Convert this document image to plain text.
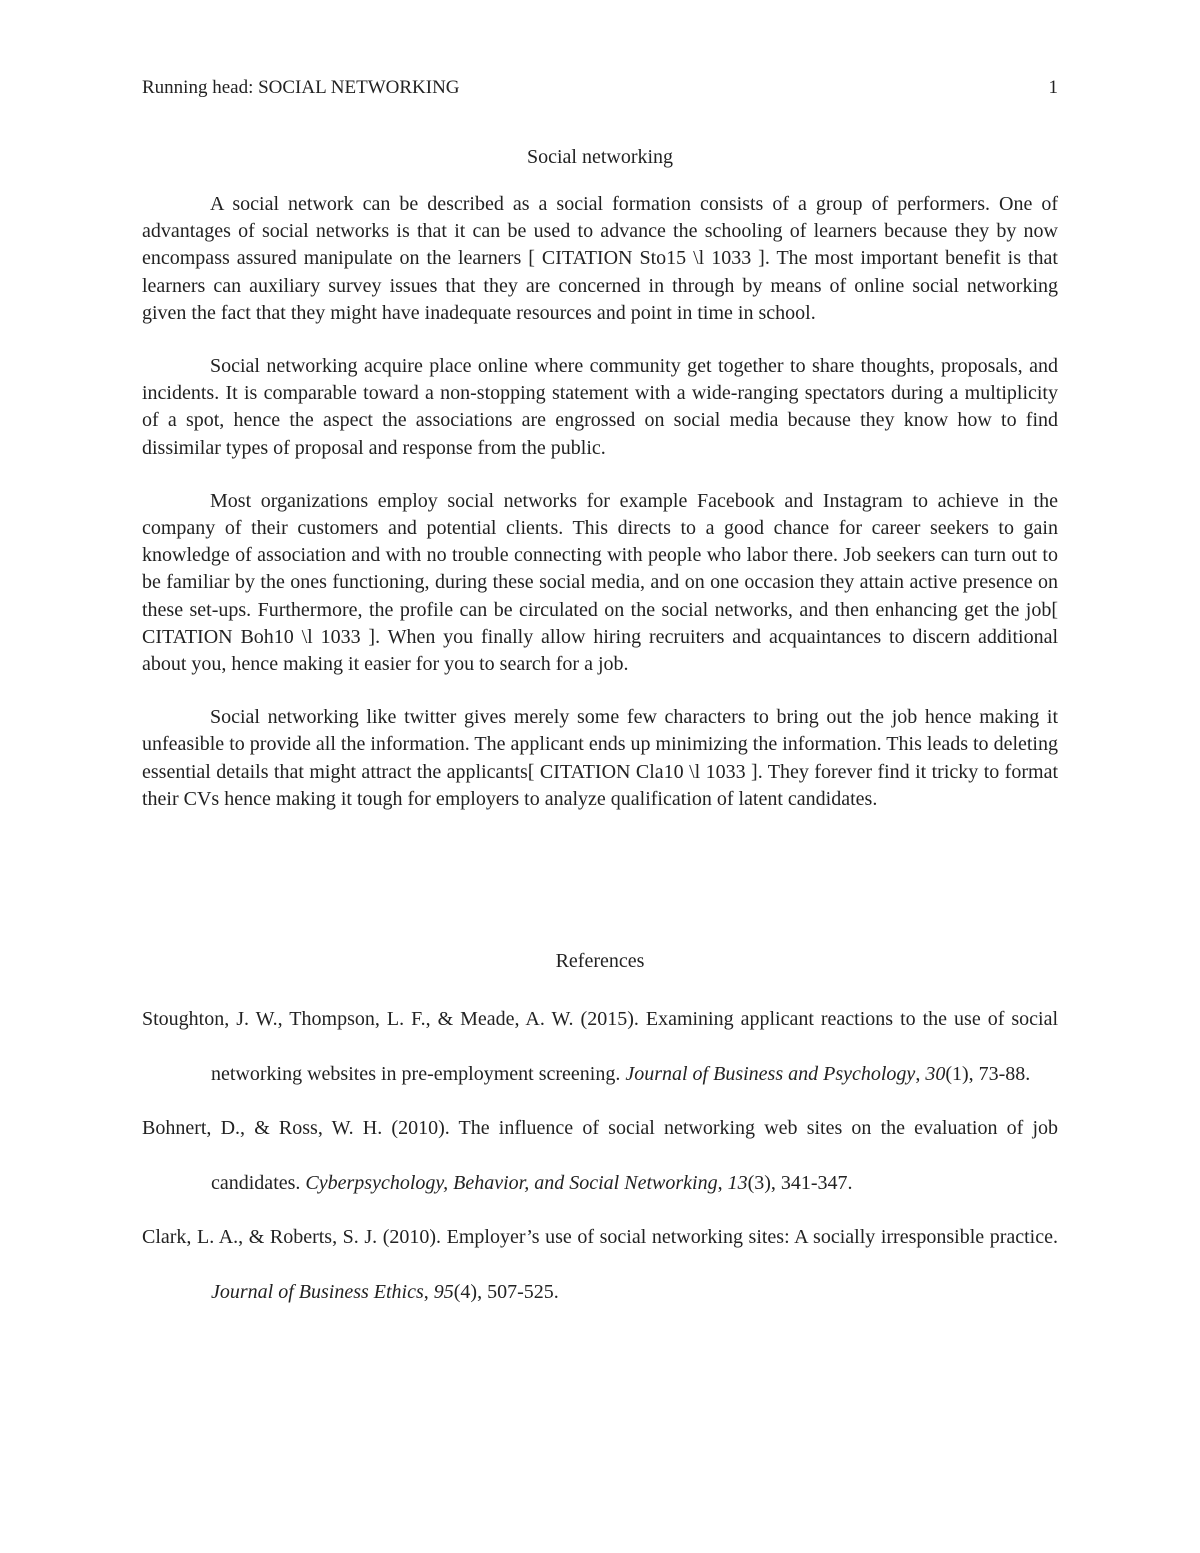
Running head: SOCIAL NETWORKING	1
Social networking

A social network can be described as a social formation consists of a group of performers. One of advantages of social networks is that it can be used to advance the schooling of learners because they by now encompass assured manipulate on the learners [ CITATION Sto15 \l 1033 ]. The most important benefit is that learners can auxiliary survey issues that they are concerned in through by means of online social networking given the fact that they might have inadequate resources and point in time in school.

Social networking acquire place online where community get together to share thoughts, proposals, and incidents. It is comparable toward a non-stopping statement with a wide-ranging spectators during a multiplicity of a spot, hence the aspect the associations are engrossed on social media because they know how to find dissimilar types of proposal and response from the public.

Most organizations employ social networks for example Facebook and Instagram to achieve in the company of their customers and potential clients. This directs to a good chance for career seekers to gain knowledge of association and with no trouble connecting with people who labor there. Job seekers can turn out to be familiar by the ones functioning, during these social media, and on one occasion they attain active presence on these set-ups. Furthermore, the profile can be circulated on the social networks, and then enhancing get the job[ CITATION Boh10 \l 1033 ]. When you finally allow hiring recruiters and acquaintances to discern additional about you, hence making it easier for you to search for a job.

Social networking like twitter gives merely some few characters to bring out the job hence making it unfeasible to provide all the information. The applicant ends up minimizing the information. This leads to deleting essential details that might attract the applicants[ CITATION Cla10 \l 1033 ]. They forever find it tricky to format their CVs hence making it tough for employers to analyze qualification of latent candidates.

References

Stoughton, J. W., Thompson, L. F., & Meade, A. W. (2015). Examining applicant reactions to the use of social networking websites in pre-employment screening. Journal of Business and Psychology, 30(1), 73-88.

Bohnert, D., & Ross, W. H. (2010). The influence of social networking web sites on the evaluation of job candidates. Cyberpsychology, Behavior, and Social Networking, 13(3), 341-347.

Clark, L. A., & Roberts, S. J. (2010). Employer’s use of social networking sites: A socially irresponsible practice. Journal of Business Ethics, 95(4), 507-525.
